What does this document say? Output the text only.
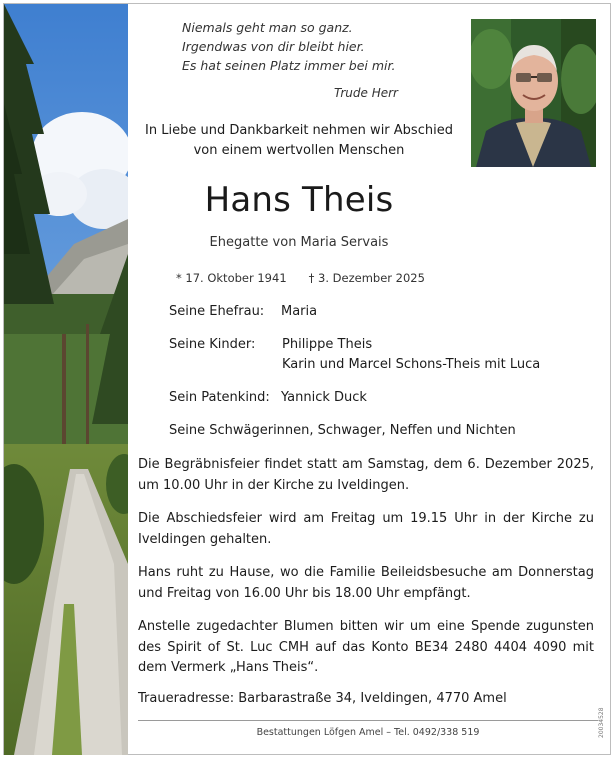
Niemals geht man so ganz.
Irgendwas von dir bleibt hier.
Es hat seinen Platz immer bei mir.
Trude Herr
In Liebe und Dankbarkeit nehmen wir Abschied
von einem wertvollen Menschen
Hans Theis
Ehegatte von Maria Servais
* 17. Oktober 1941 † 3. Dezember 2025
Seine Ehefrau: Maria
Seine Kinder: Philippe Theis
Karin und Marcel Schons-Theis mit Luca
Sein Patenkind: Yannick Duck
Seine Schwägerinnen, Schwager, Neffen und Nichten
Die Begräbnisfeier findet statt am Samstag, dem 6. Dezember 2025, um 10.00 Uhr in der Kirche zu Iveldingen.
Die Abschiedsfeier wird am Freitag um 19.15 Uhr in der Kirche zu Iveldingen gehalten.
Hans ruht zu Hause, wo die Familie Beileidsbesuche am Donnerstag und Freitag von 16.00 Uhr bis 18.00 Uhr empfängt.
Anstelle zugedachter Blumen bitten wir um eine Spende zugunsten des Spirit of St. Luc CMH auf das Konto BE34 2480 4404 4090 mit dem Vermerk „Hans Theis“.
Traueradresse: Barbarastraße 34, Iveldingen, 4770 Amel
Bestattungen Löfgen Amel – Tel. 0492/338 519	20034528
